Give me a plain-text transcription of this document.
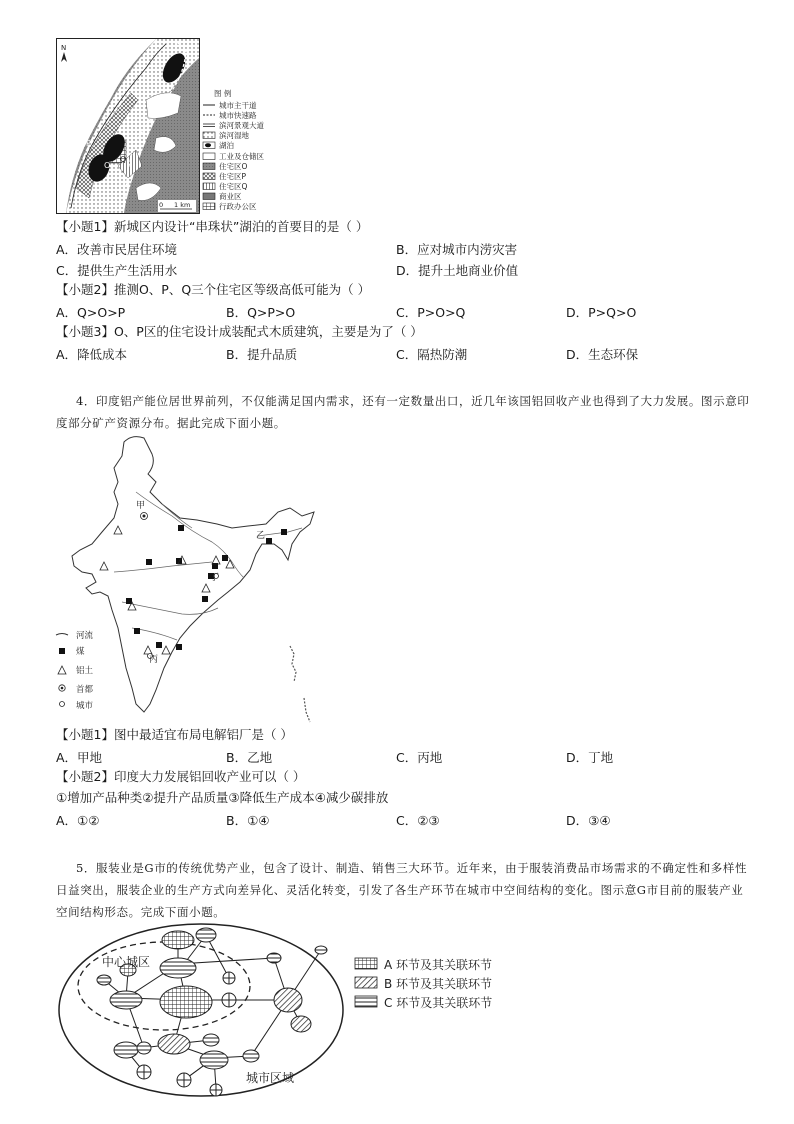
N
P
O
Q
0 1 km
图 例
城市主干道
城市快速路
滨河景观大道
滨河湿地
湖泊
工业及仓储区
住宅区O
住宅区P
住宅区Q
商业区
行政办公区
【小题1】新城区内设计“串珠状”湖泊的首要目的是（ ）
A．改善市民居住环境	B．应对城市内涝灾害
C．提供生产生活用水	D．提升土地商业价值
【小题2】推测O、P、Q三个住宅区等级高低可能为（ ）
A．Q>O>P	B．Q>P>O	C．P>O>Q	D．P>Q>O
【小题3】O、P区的住宅设计成装配式木质建筑，主要是为了（ ）
A．降低成本	B．提升品质	C．隔热防潮	D．生态环保
4．印度铝产能位居世界前列，不仅能满足国内需求，还有一定数量出口，近几年该国铝回收产业也得到了大力发展。图示意印
度部分矿产资源分布。据此完成下面小题。
甲
乙
丙
丁
河流
煤
铝土
首都
城市
【小题1】图中最适宜布局电解铝厂是（ ）
A．甲地	B．乙地	C．丙地	D．丁地
【小题2】印度大力发展铝回收产业可以（ ）
①增加产品种类②提升产品质量③降低生产成本④减少碳排放
A．①②	B．①④	C．②③	D．③④
5．服装业是G市的传统优势产业，包含了设计、制造、销售三大环节。近年来，由于服装消费品市场需求的不确定性和多样性
日益突出，服装企业的生产方式向差异化、灵活化转变，引发了各生产环节在城市中空间结构的变化。图示意G市目前的服装产业
空间结构形态。完成下面小题。
中心城区
城市区域
A 环节及其关联环节
B 环节及其关联环节
C 环节及其关联环节
